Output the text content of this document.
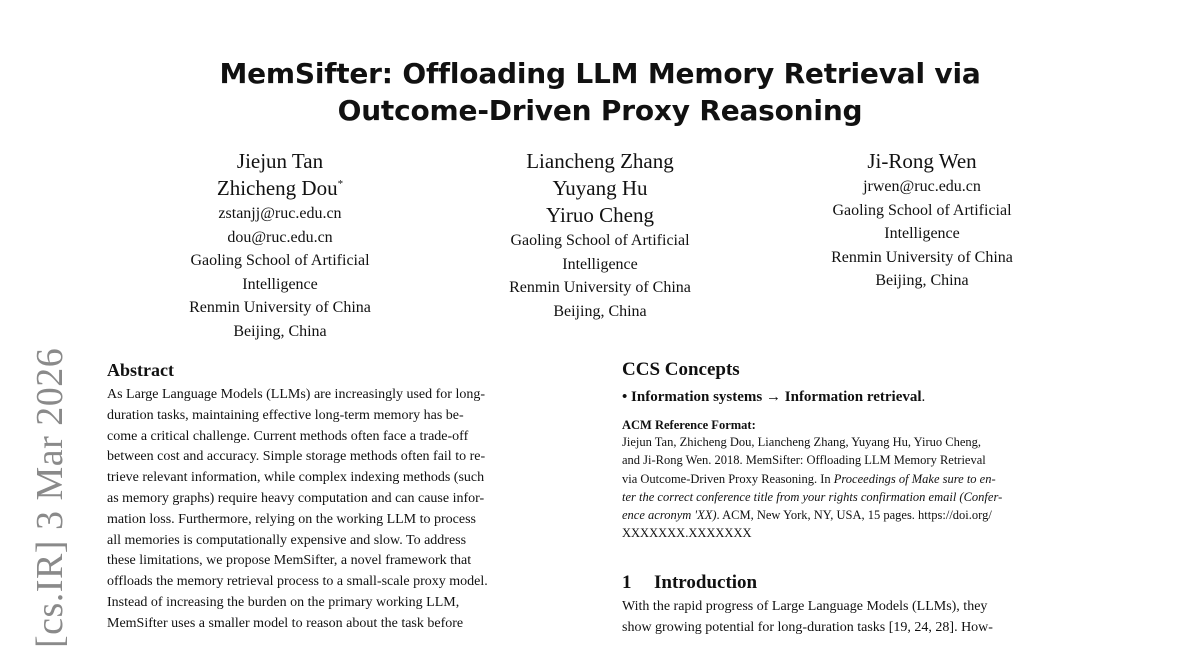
[cs.IR] 3 Mar 2026
MemSifter: Offloading LLM Memory Retrieval via
Outcome-Driven Proxy Reasoning
Jiejun Tan
Zhicheng Dou*
zstanjj@ruc.edu.cn
dou@ruc.edu.cn
Gaoling School of Artificial
Intelligence
Renmin University of China
Beijing, China
Liancheng Zhang
Yuyang Hu
Yiruo Cheng
Gaoling School of Artificial
Intelligence
Renmin University of China
Beijing, China
Ji-Rong Wen
jrwen@ruc.edu.cn
Gaoling School of Artificial
Intelligence
Renmin University of China
Beijing, China
Abstract
As Large Language Models (LLMs) are increasingly used for long-
duration tasks, maintaining effective long-term memory has be-
come a critical challenge. Current methods often face a trade-off
between cost and accuracy. Simple storage methods often fail to re-
trieve relevant information, while complex indexing methods (such
as memory graphs) require heavy computation and can cause infor-
mation loss. Furthermore, relying on the working LLM to process
all memories is computationally expensive and slow. To address
these limitations, we propose MemSifter, a novel framework that
offloads the memory retrieval process to a small-scale proxy model.
Instead of increasing the burden on the primary working LLM,
MemSifter uses a smaller model to reason about the task before
CCS Concepts
• Information systems → Information retrieval.
ACM Reference Format:
Jiejun Tan, Zhicheng Dou, Liancheng Zhang, Yuyang Hu, Yiruo Cheng,
and Ji-Rong Wen. 2018. MemSifter: Offloading LLM Memory Retrieval
via Outcome-Driven Proxy Reasoning. In Proceedings of Make sure to en-
ter the correct conference title from your rights confirmation email (Confer-
ence acronym 'XX). ACM, New York, NY, USA, 15 pages. https://doi.org/
XXXXXXX.XXXXXXX
1 Introduction
With the rapid progress of Large Language Models (LLMs), they
show growing potential for long-duration tasks [19, 24, 28]. How-
